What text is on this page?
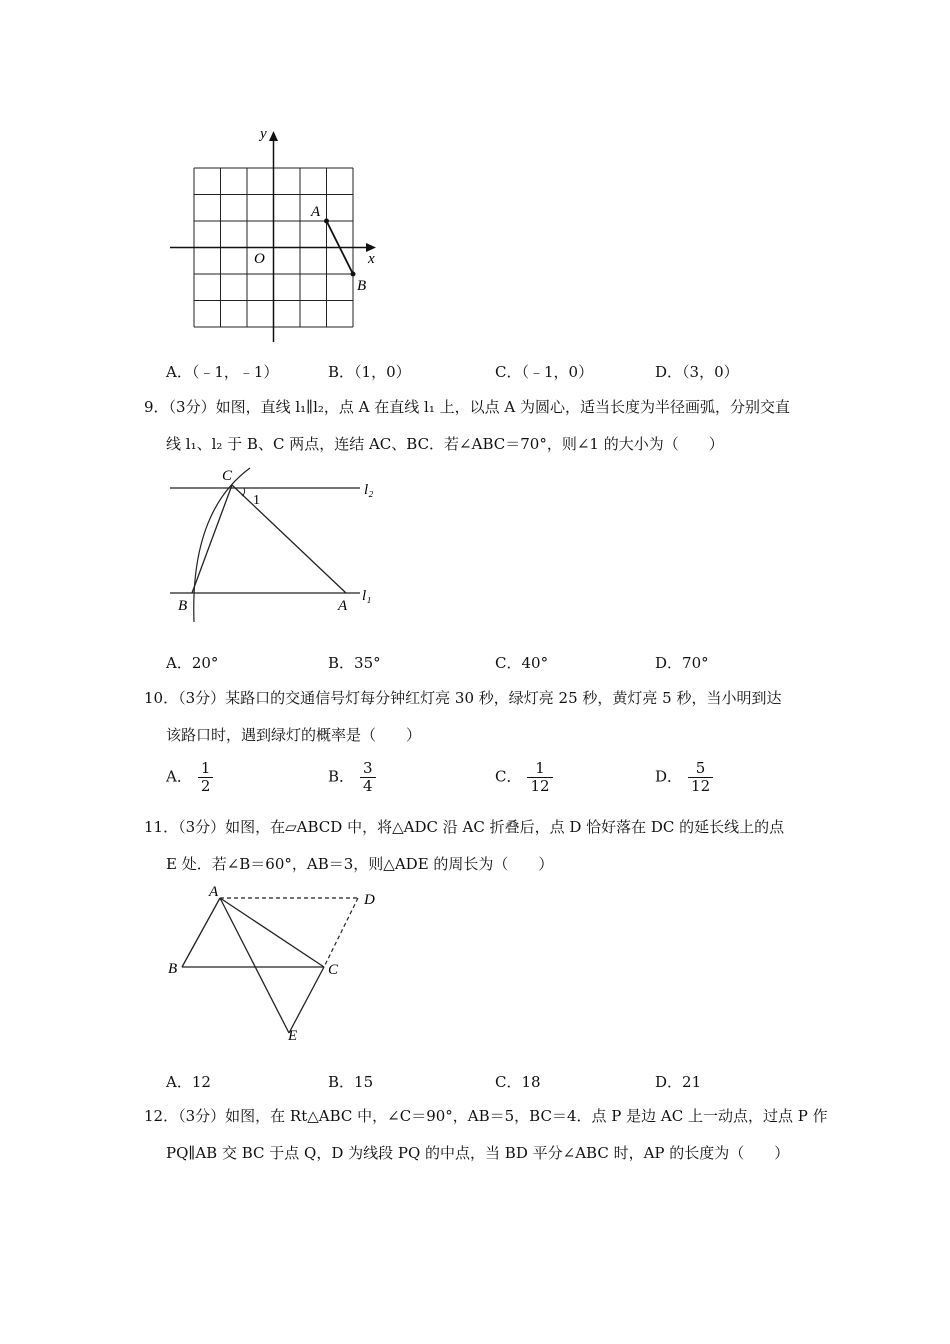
y
x
O
A
B
A．（﹣1，﹣1）	B．（1，0）	C．（﹣1，0）	D．（3，0）
9．（3分）如图，直线 l₁∥l₂，点 A 在直线 l₁ 上，以点 A 为圆心，适当长度为半径画弧，分别交直
线 l₁、l₂ 于 B、C 两点，连结 AC、BC．若∠ABC＝70°，则∠1 的大小为（　　）
C
1
l₂
B	A
l₁
A．20°	B．35°	C．40°	D．70°
10．（3分）某路口的交通信号灯每分钟红灯亮 30 秒，绿灯亮 25 秒，黄灯亮 5 秒，当小明到达
该路口时，遇到绿灯的概率是（　　）
A． $\frac{1}{2}$	B． $\frac{3}{4}$	C． $\frac{1}{12}$	D． $\frac{5}{12}$
11．（3分）如图，在▱ABCD 中，将△ADC 沿 AC 折叠后，点 D 恰好落在 DC 的延长线上的点
E 处．若∠B＝60°，AB＝3，则△ADE 的周长为（　　）
A	D
B	C
E
A．12	B．15	C．18	D．21
12．（3分）如图，在 Rt△ABC 中，∠C＝90°，AB＝5，BC＝4．点 P 是边 AC 上一动点，过点 P 作
PQ∥AB 交 BC 于点 Q，D 为线段 PQ 的中点，当 BD 平分∠ABC 时，AP 的长度为（　　）
